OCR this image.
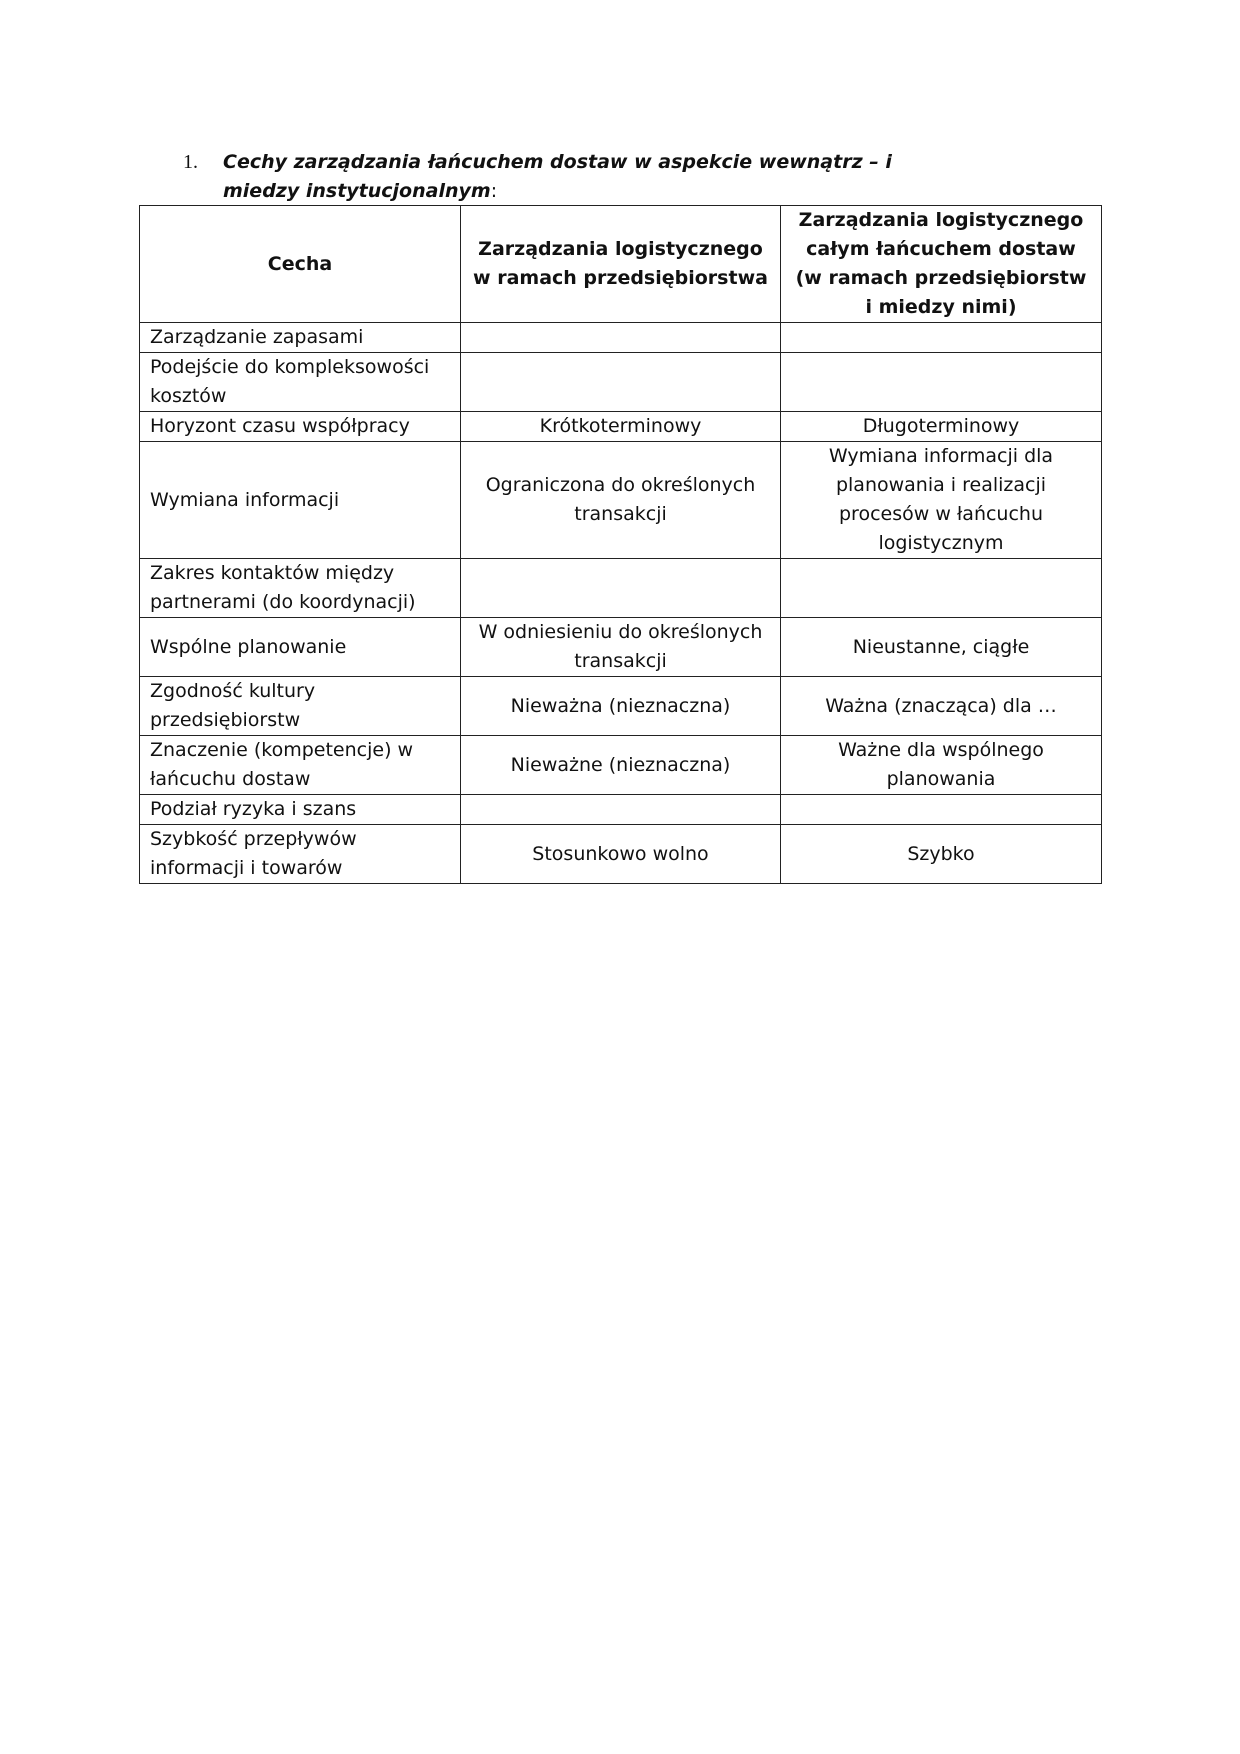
1. Cechy zarządzania łańcuchem dostaw w aspekcie wewnątrz – i miedzy instytucjonalnym:
Cecha	Zarządzania logistycznego w ramach przedsiębiorstwa	Zarządzania logistycznego całym łańcuchem dostaw (w ramach przedsiębiorstw i miedzy nimi)
Zarządzanie zapasami		
Podejście do kompleksowości kosztów		
Horyzont czasu współpracy	Krótkoterminowy	Długoterminowy
Wymiana informacji	Ograniczona do określonych transakcji	Wymiana informacji dla planowania i realizacji procesów w łańcuchu logistycznym
Zakres kontaktów między partnerami (do koordynacji)		
Wspólne planowanie	W odniesieniu do określonych transakcji	Nieustanne, ciągłe
Zgodność kultury przedsiębiorstw	Nieważna (nieznaczna)	Ważna (znacząca) dla …
Znaczenie (kompetencje) w łańcuchu dostaw	Nieważne (nieznaczna)	Ważne dla wspólnego planowania
Podział ryzyka i szans		
Szybkość przepływów informacji i towarów	Stosunkowo wolno	Szybko
